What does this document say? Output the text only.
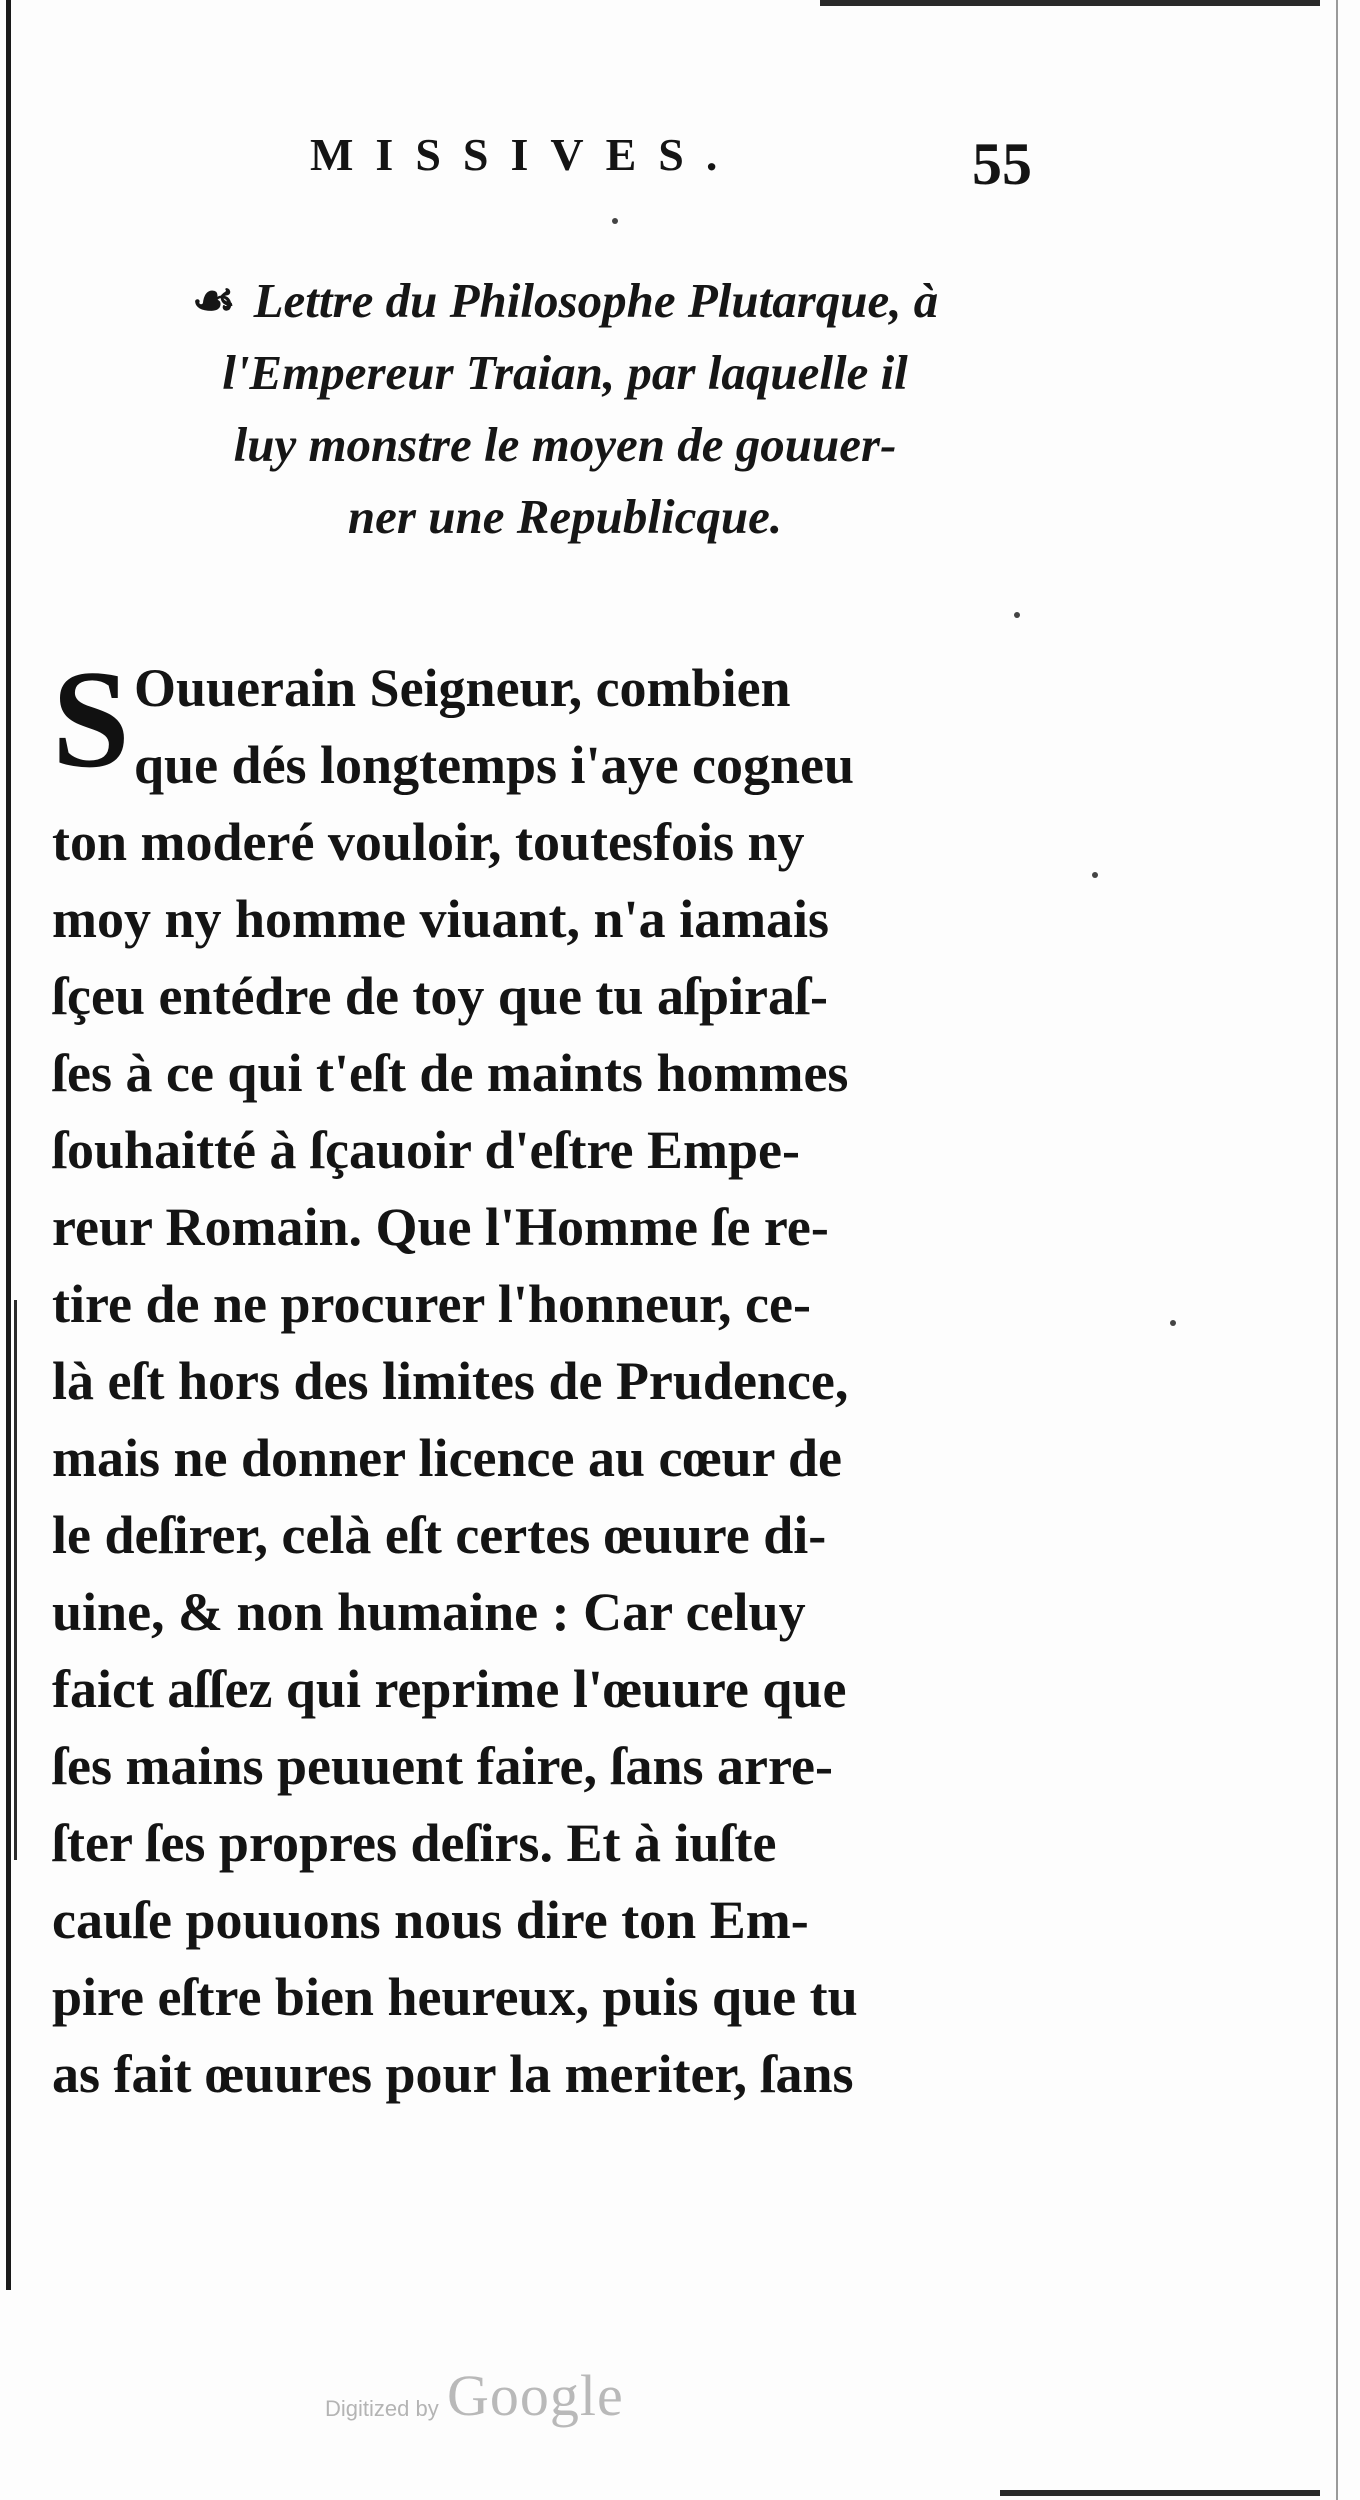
MISSIVES.	55
☙ Lettre du Philosophe Plutarque, à
l'Empereur Traian, par laquelle il
luy monstre le moyen de gouuer-
ner une Republicque.
S Ouuerain Seigneur, combien
que dés longtemps i'aye cogneu
ton moderé vouloir, toutesfois ny
moy ny homme viuant, n'a iamais
ſçeu entédre de toy que tu aſpiraſ-
ſes à ce qui t'eſt de maints hommes
ſouhaitté à ſçauoir d'eſtre Empe-
reur Romain. Que l'Homme ſe re-
tire de ne procurer l'honneur, ce-
là eſt hors des limites de Prudence,
mais ne donner licence au cœur de
le deſirer, celà eſt certes œuure di-
uine, & non humaine : Car celuy
faict aſſez qui reprime l'œuure que
ſes mains peuuent faire, ſans arre-
ſter ſes propres deſirs. Et à iuſte
cauſe pouuons nous dire ton Em-
pire eſtre bien heureux, puis que tu
as fait œuures pour la meriter, ſans
Digitized by Google
